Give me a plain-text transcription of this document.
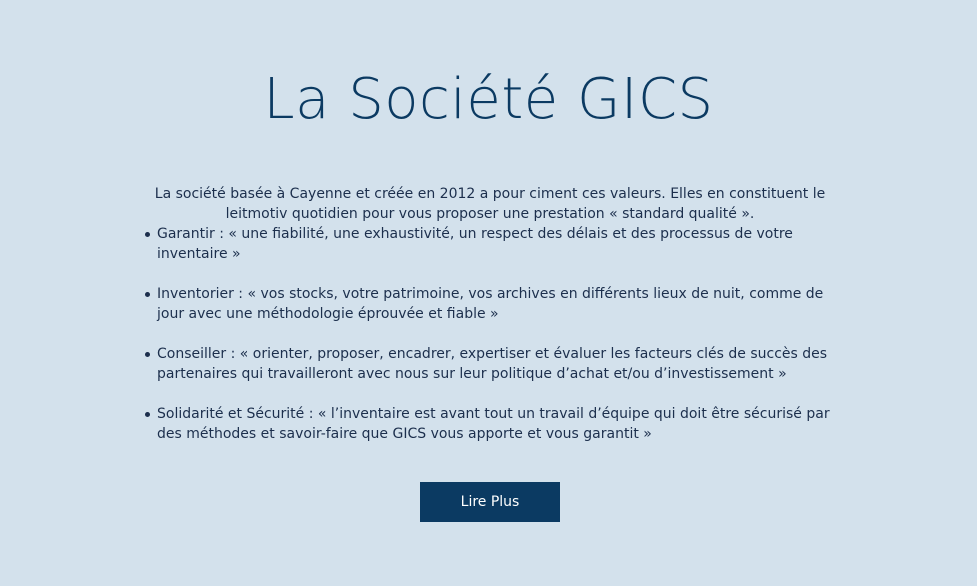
La Société GICS

La société basée à Cayenne et créée en 2012 a pour ciment ces valeurs. Elles en constituent le leitmotiv quotidien pour vous proposer une prestation « standard qualité ».

Garantir : « une fiabilité, une exhaustivité, un respect des délais et des processus de votre inventaire »
Inventorier : « vos stocks, votre patrimoine, vos archives en différents lieux de nuit, comme de jour avec une méthodologie éprouvée et fiable »
Conseiller : « orienter, proposer, encadrer, expertiser et évaluer les facteurs clés de succès des partenaires qui travailleront avec nous sur leur politique d’achat et/ou d’investissement »
Solidarité et Sécurité : « l’inventaire est avant tout un travail d’équipe qui doit être sécurisé par des méthodes et savoir-faire que GICS vous apporte et vous garantit »
Lire Plus
